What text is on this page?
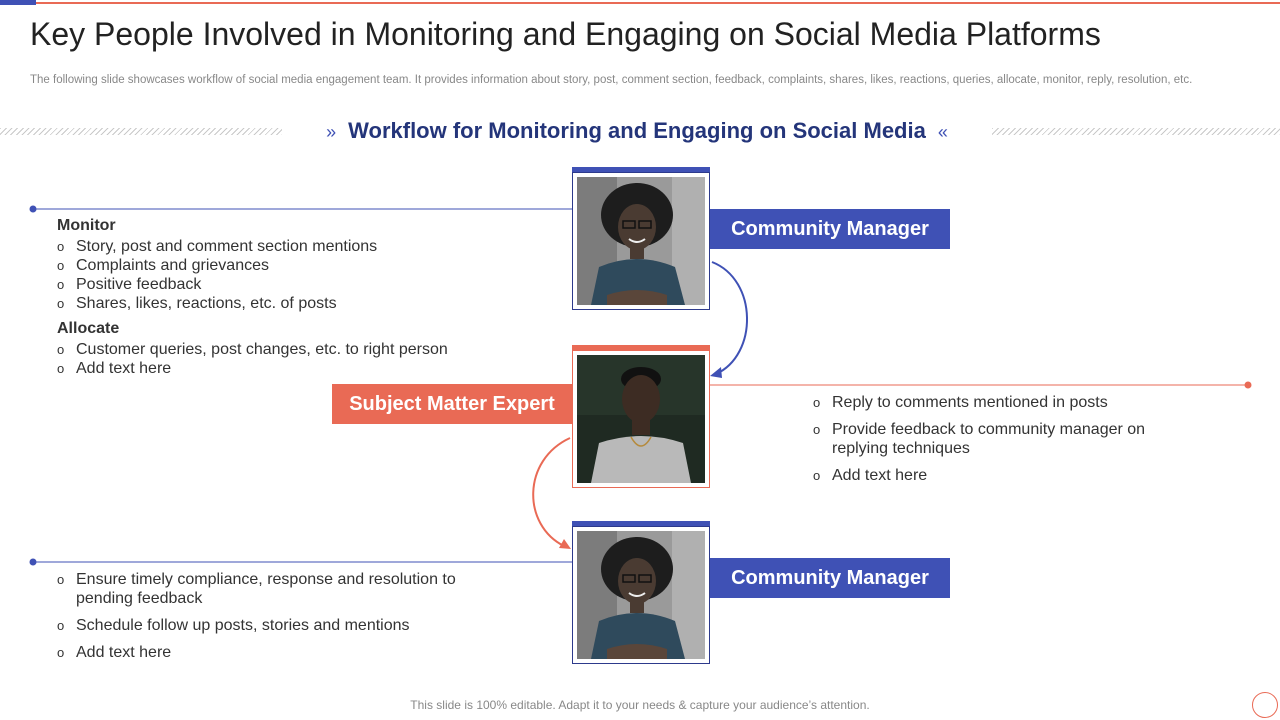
Key People Involved in Monitoring and Engaging on Social Media Platforms
The following slide showcases workflow of social media engagement team. It provides information about story, post, comment section, feedback, complaints, shares, likes, reactions, queries, allocate, monitor, reply, resolution, etc.
» Workflow for Monitoring and Engaging on Social Media «
Community Manager
Subject Matter Expert
Community Manager
Monitor
o Story, post and comment section mentions
o Complaints and grievances
o Positive feedback
o Shares, likes, reactions, etc. of posts
Allocate
o Customer queries, post changes, etc. to right person
o Add text here
o Reply to comments mentioned in posts
o Provide feedback to community manager on replying techniques
o Add text here
o Ensure timely compliance, response and resolution to pending feedback
o Schedule follow up posts, stories and mentions
o Add text here
This slide is 100% editable. Adapt it to your needs & capture your audience’s attention.
